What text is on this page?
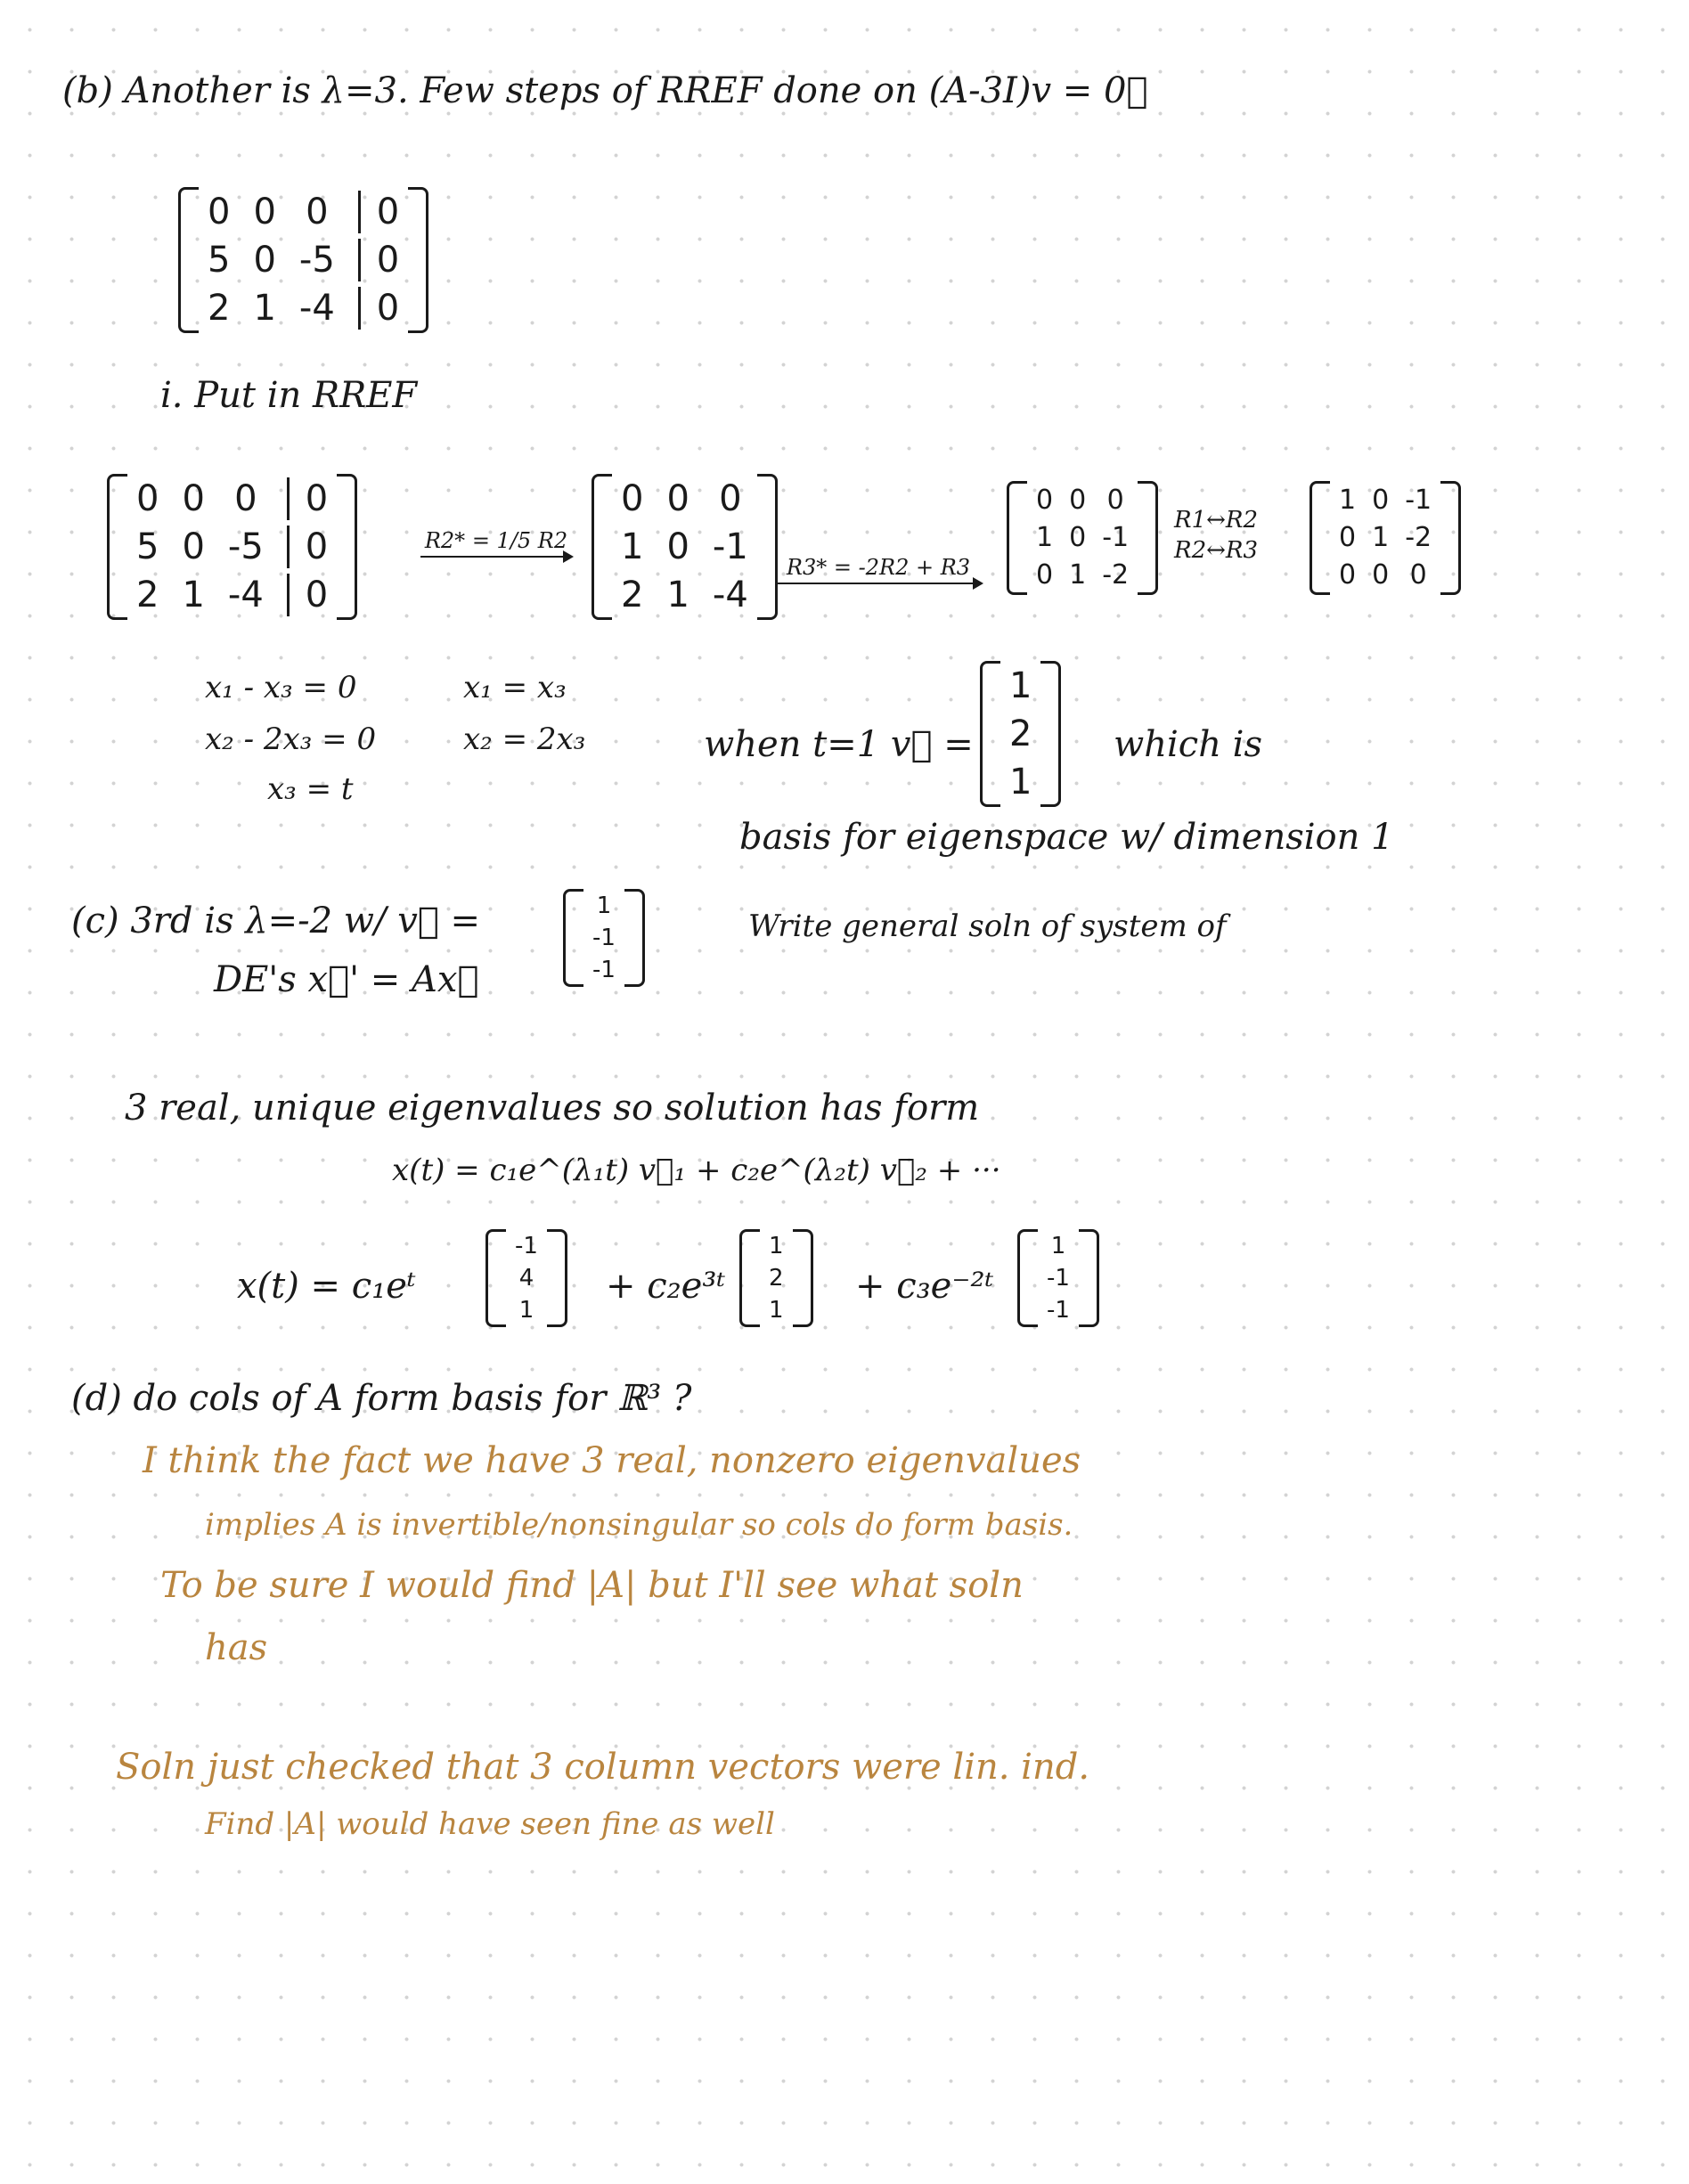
(b) Another is λ=3. Few steps of RREF done on (A-3I)v = 0⃗
0 0 0	0
5 0 -5	0
2 1 -4	0
i. Put in RREF
0 0 0	0
5 0 -5	0
2 1 -4	0
R2* = 1/5 R2
0 0 0
1 0 -1
2 1 -4
R3* = -2R2 + R3
0 0 0
1 0 -1
0 1 -2
R1↔R2
R2↔R3
1 0 -1
0 1 -2
0 0 0
x₁ - x₃ = 0
x₂ - 2x₃ = 0
x₃ = t
x₁ = x₃
x₂ = 2x₃	when t=1 v⃗ =
1
2
1
which is
basis for eigenspace w/ dimension 1
(c) 3rd is λ=-2 w/ v⃗ =	1
-1
-1
Write general soln of system of
DE's x⃗' = Ax⃗
3 real, unique eigenvalues so solution has form
x(t) = c₁e^(λ₁t) v⃗₁ + c₂e^(λ₂t) v⃗₂ + ···
x(t) = c₁eᵗ
-1
4
1
+ c₂e³ᵗ
1
2
1
+ c₃e⁻²ᵗ
1
-1
-1
(d) do cols of A form basis for ℝ³ ?
I think the fact we have 3 real, nonzero eigenvalues
implies A is invertible/nonsingular so cols do form basis.
To be sure I would find |A| but I'll see what soln
has
Soln just checked that 3 column vectors were lin. ind.
Find |A| would have seen fine as well
